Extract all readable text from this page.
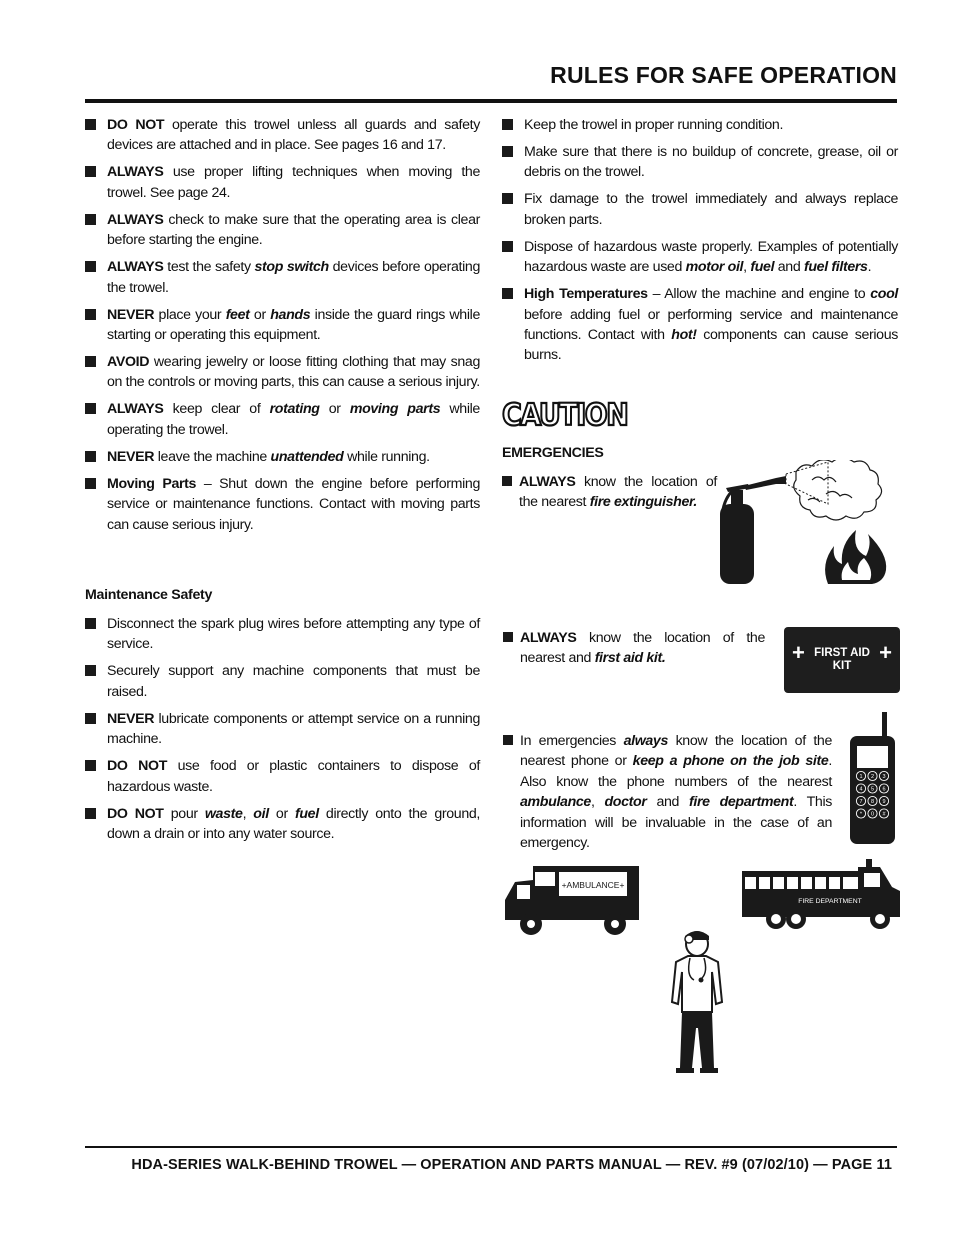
RULES FOR SAFE OPERATION
DO NOT operate this trowel unless all guards and safety devices are attached and in place. See pages 16 and 17.
ALWAYS use proper lifting techniques when moving the trowel. See page 24.
ALWAYS check to make sure that the operating area is clear before starting the engine.
ALWAYS test the safety stop switch devices before operating the trowel.
NEVER place your feet or hands inside the guard rings while starting or operating this equipment.
AVOID wearing jewelry or loose fitting clothing that may snag on the controls or moving parts, this can cause a serious injury.
ALWAYS keep clear of rotating or moving parts while operating the trowel.
NEVER leave the machine unattended while running.
Moving Parts – Shut down the engine before performing service or maintenance functions. Contact with moving parts can cause serious injury.
Maintenance Safety
Disconnect the spark plug wires before attempting any type of service.
Securely support any machine components that must be raised.
NEVER lubricate components or attempt service on a running machine.
DO NOT use food or plastic containers to dispose of hazardous waste.
DO NOT pour waste, oil or fuel directly onto the ground, down a drain or into any water source.
Keep the trowel in proper running condition.
Make sure that there is no buildup of concrete, grease, oil or debris on the trowel.
Fix damage to the trowel immediately and always replace broken parts.
Dispose of hazardous waste properly. Examples of potentially hazardous waste are used motor oil, fuel and fuel filters.
High Temperatures – Allow the machine and engine to cool before adding fuel or performing service and maintenance functions. Contact with hot! components can cause serious burns.
CAUTION
EMERGENCIES
ALWAYS know the location of the nearest fire extinguisher.
ALWAYS know the location of the nearest and first aid kit.
In emergencies always know the location of the nearest phone or keep a phone on the job site. Also know the phone numbers of the nearest ambulance, doctor and fire department. This information will be invaluable in the case of an emergency.
+ FIRST AID KIT
+
1 2 3
4 5 6
7 8 9
* 0 #
+AMBULANCE+
FIRE DEPARTMENT
HDA-SERIES WALK-BEHIND TROWEL — OPERATION AND PARTS MANUAL — REV. #9 (07/02/10) — PAGE 11
